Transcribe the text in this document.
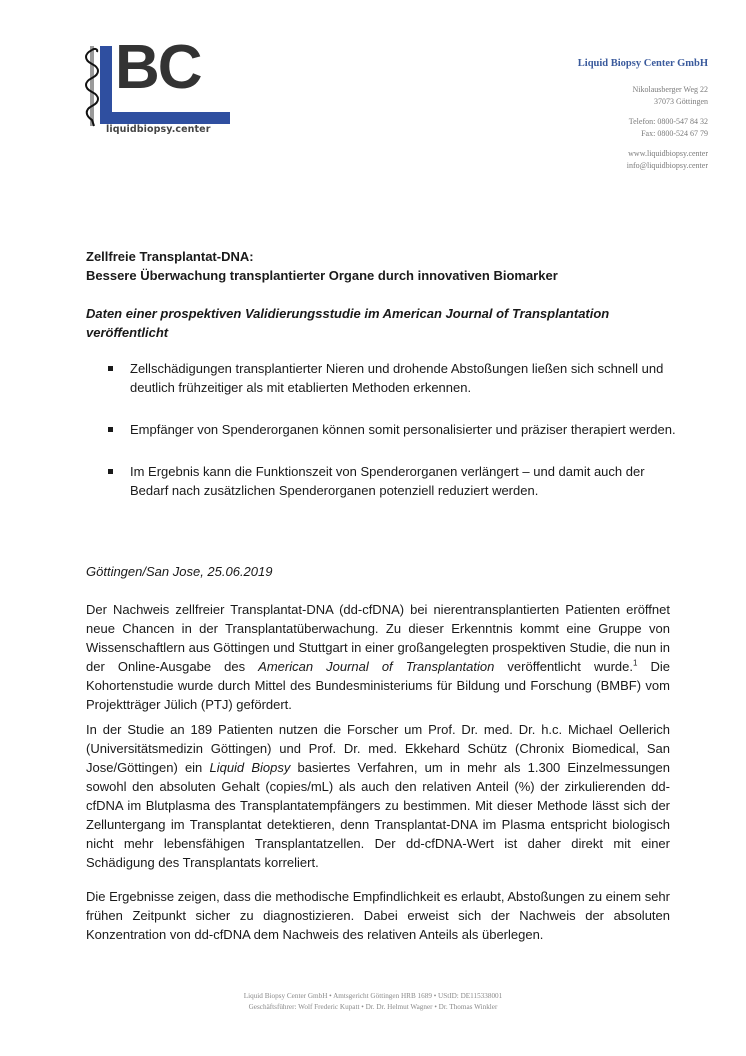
BC
liquidbiopsy.center
Liquid Biopsy Center GmbH
Nikolausberger Weg 22
37073 Göttingen
Telefon: 0800-547 84 32
Fax: 0800-524 67 79
www.liquidbiopsy.center
info@liquidbiopsy.center
Zellfreie Transplantat-DNA:
Bessere Überwachung transplantierter Organe durch innovativen Biomarker
Daten einer prospektiven Validierungsstudie im American Journal of Transplantation veröffentlicht
Zellschädigungen transplantierter Nieren und drohende Abstoßungen ließen sich schnell und deutlich frühzeitiger als mit etablierten Methoden erkennen.
Empfänger von Spenderorganen können somit personalisierter und präziser therapiert werden.
Im Ergebnis kann die Funktionszeit von Spenderorganen verlängert – und damit auch der Bedarf nach zusätzlichen Spenderorganen potenziell reduziert werden.
Göttingen/San Jose, 25.06.2019
Der Nachweis zellfreier Transplantat-DNA (dd-cfDNA) bei nierentransplantierten Patienten eröffnet neue Chancen in der Transplantatüberwachung. Zu dieser Erkenntnis kommt eine Gruppe von Wissenschaftlern aus Göttingen und Stuttgart in einer großangelegten prospektiven Studie, die nun in der Online-Ausgabe des American Journal of Transplantation veröffentlicht wurde.$^1$ Die Kohortenstudie wurde durch Mittel des Bundesministeriums für Bildung und Forschung (BMBF) vom Projektträger Jülich (PTJ) gefördert.
In der Studie an 189 Patienten nutzen die Forscher um Prof. Dr. med. Dr. h.c. Michael Oellerich (Universitätsmedizin Göttingen) und Prof. Dr. med. Ekkehard Schütz (Chronix Biomedical, San Jose/Göttingen) ein Liquid Biopsy basiertes Verfahren, um in mehr als 1.300 Einzelmessungen sowohl den absoluten Gehalt (copies/mL) als auch den relativen Anteil (%) der zirkulierenden dd-cfDNA im Blutplasma des Transplantatempfängers zu bestimmen. Mit dieser Methode lässt sich der Zelluntergang im Transplantat detektieren, denn Transplantat-DNA im Plasma entspricht biologisch nicht mehr lebensfähigen Transplantatzellen. Der dd-cfDNA-Wert ist daher direkt mit einer Schädigung des Transplantats korreliert.
Die Ergebnisse zeigen, dass die methodische Empfindlichkeit es erlaubt, Abstoßungen zu einem sehr frühen Zeitpunkt sicher zu diagnostizieren. Dabei erweist sich der Nachweis der absoluten Konzentration von dd-cfDNA dem Nachweis des relativen Anteils als überlegen.
Liquid Biopsy Center GmbH • Amtsgericht Göttingen HRB 1689 • UStID: DE115338001
Geschäftsführer: Wolf Frederic Kupatt • Dr. Dr. Helmut Wagner • Dr. Thomas Winkler
